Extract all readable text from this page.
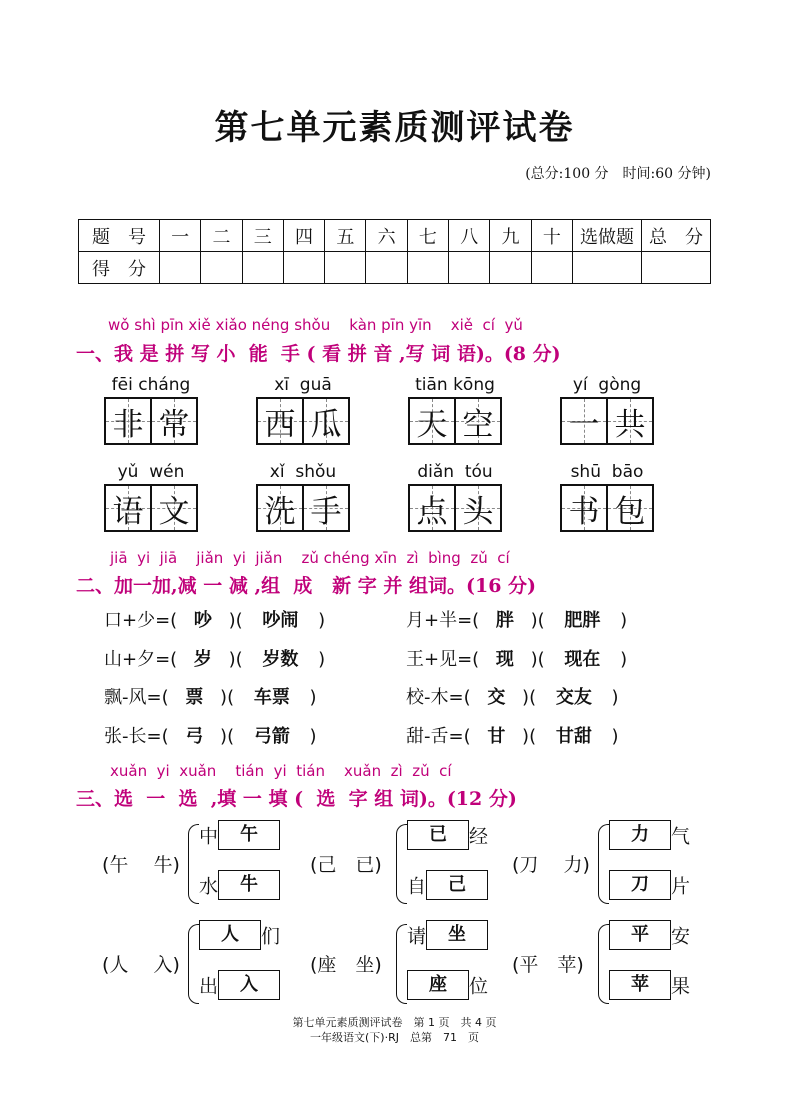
第七单元素质测评试卷
(总分:100 分　时间:60 分钟)
题　号	一	二	三	四	五	六	七	八	九	十	选做题	总　分
得　分												
wǒ shì pīn xiě xiǎo néng shǒu    kàn pīn yīn    xiě  cí  yǔ
一、我 是 拼 写 小  能  手 ( 看 拼 音 ,写 词 语)。(8 分)
fēi cháng
非 常
xī  guā
西 瓜
tiān kōng
天 空
yí  gòng
一 共
yǔ  wén
语 文
xǐ  shǒu
洗 手
diǎn  tóu
点 头
shū  bāo
书 包
jiā  yi  jiā    jiǎn  yi  jiǎn    zǔ chéng xīn  zì  bìng  zǔ  cí
二、加一加,减 一 减 ,组  成   新 字 并 组词。(16 分)
口+少=( 吵 )( 吵闹 )	月+半=( 胖 )( 肥胖 )
山+夕=( 岁 )( 岁数 )	王+见=( 现 )( 现在 )
飘-风=( 票 )( 车票 )	校-木=( 交 )( 交友 )
张-长=( 弓 )( 弓箭 )	甜-舌=( 甘 )( 甘甜 )
xuǎn  yi  xuǎn    tián  yi  tián    xuǎn  zì  zǔ  cí
三、选  一  选  ,填 一 填 (  选  字 组 词)。(12 分)
(午　 牛)
中 午
水 牛
(己　已)
已 经
自 己
(刀　 力)
力 气
刀 片
(人　 入)
人 们
出 入
(座　坐)
请 坐
座 位
(平　苹)
平 安
苹 果
第七单元素质测评试卷　第 1 页　共 4 页
一年级语文(下)·RJ　总第　71　页
